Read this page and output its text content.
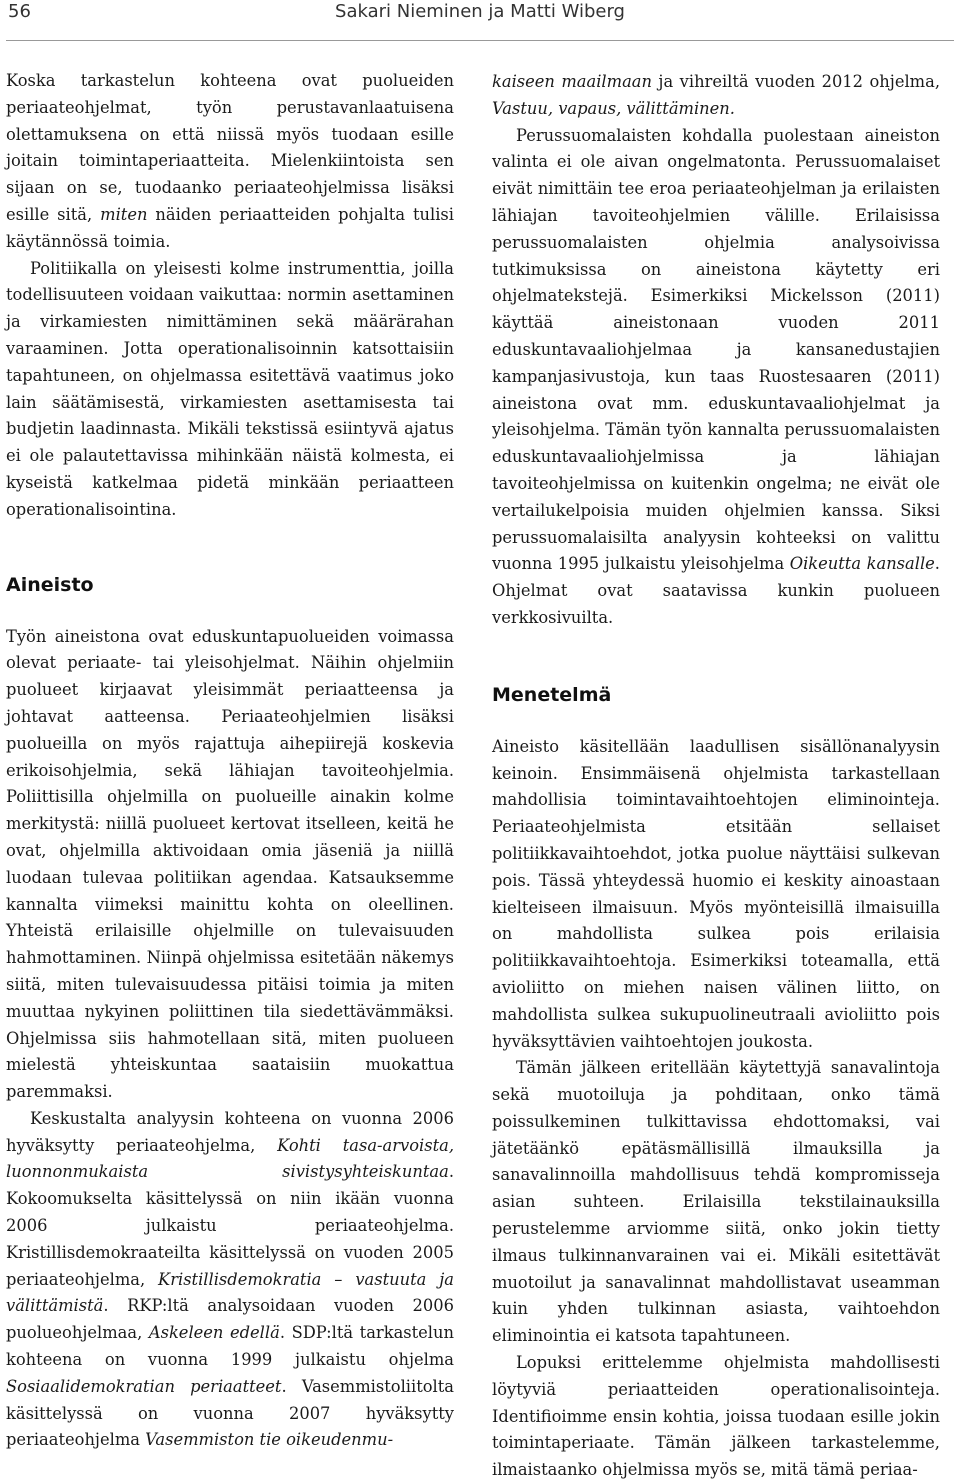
56	Sakari Nieminen ja Matti Wiberg

Koska tarkastelun kohteena ovat puolueiden periaateohjelmat, työn perustavanlaatuisena olettamuksena on että niissä myös tuodaan esille joitain toimintaperiaatteita. Mielenkiintoista sen sijaan on se, tuodaanko periaateohjelmissa lisäksi esille sitä, miten näiden periaatteiden pohjalta tulisi käytännössä toimia.

Politiikalla on yleisesti kolme instrumenttia, joilla todellisuuteen voidaan vaikuttaa: normin asettaminen ja virkamiesten nimittäminen sekä määrärahan varaaminen. Jotta operationalisoinnin katsottaisiin tapahtuneen, on ohjelmassa esitettävä vaatimus joko lain säätämisestä, virkamiesten asettamisesta tai budjetin laadinnasta. Mikäli tekstissä esiintyvä ajatus ei ole palautettavissa mihinkään näistä kolmesta, ei kyseistä katkelmaa pidetä minkään periaatteen operationalisointina.

Aineisto

Työn aineistona ovat eduskuntapuolueiden voimassa olevat periaate- tai yleisohjelmat. Näihin ohjelmiin puolueet kirjaavat yleisimmät periaatteensa ja johtavat aatteensa. Periaateohjelmien lisäksi puolueilla on myös rajattuja aihepiirejä koskevia erikoisohjelmia, sekä lähiajan tavoiteohjelmia. Poliittisilla ohjelmilla on puolueille ainakin kolme merkitystä: niillä puolueet kertovat itselleen, keitä he ovat, ohjelmilla aktivoidaan omia jäseniä ja niillä luodaan tulevaa politiikan agendaa. Katsauksemme kannalta viimeksi mainittu kohta on oleellinen. Yhteistä erilaisille ohjelmille on tulevaisuuden hahmottaminen. Niinpä ohjelmissa esitetään näkemys siitä, miten tulevaisuudessa pitäisi toimia ja miten muuttaa nykyinen poliittinen tila siedettävämmäksi. Ohjelmissa siis hahmotellaan sitä, miten puolueen mielestä yhteiskuntaa saataisiin muokattua paremmaksi.

Keskustalta analyysin kohteena on vuonna 2006 hyväksytty periaateohjelma, Kohti tasa-arvoista, luonnonmukaista sivistysyhteiskuntaa. Kokoomukselta käsittelyssä on niin ikään vuonna 2006 julkaistu periaateohjelma. Kristillisdemokraateilta käsittelyssä on vuoden 2005 periaateohjelma, Kristillisdemokratia – vastuuta ja välittämistä. RKP:ltä analysoidaan vuoden 2006 puolueohjelmaa, Askeleen edellä. SDP:ltä tarkastelun kohteena on vuonna 1999 julkaistu ohjelma Sosiaalidemokratian periaatteet. Vasemmistoliitolta käsittelyssä on vuonna 2007 hyväksytty periaateohjelma Vasemmiston tie oikeudenmu-

kaiseen maailmaan ja vihreiltä vuoden 2012 ohjelma, Vastuu, vapaus, välittäminen.

Perussuomalaisten kohdalla puolestaan aineiston valinta ei ole aivan ongelmatonta. Perussuomalaiset eivät nimittäin tee eroa periaateohjelman ja erilaisten lähiajan tavoiteohjelmien välille. Erilaisissa perussuomalaisten ohjelmia analysoivissa tutkimuksissa on aineistona käytetty eri ohjelmatekstejä. Esimerkiksi Mickelsson (2011) käyttää aineistonaan vuoden 2011 eduskuntavaaliohjelmaa ja kansanedustajien kampanjasivustoja, kun taas Ruostesaaren (2011) aineistona ovat mm. eduskuntavaaliohjelmat ja yleisohjelma. Tämän työn kannalta perussuomalaisten eduskuntavaaliohjelmissa ja lähiajan tavoiteohjelmissa on kuitenkin ongelma; ne eivät ole vertailukelpoisia muiden ohjelmien kanssa. Siksi perussuomalaisilta analyysin kohteeksi on valittu vuonna 1995 julkaistu yleisohjelma Oikeutta kansalle. Ohjelmat ovat saatavissa kunkin puolueen verkkosivuilta.

Menetelmä

Aineisto käsitellään laadullisen sisällönanalyysin keinoin. Ensimmäisenä ohjelmista tarkastellaan mahdollisia toimintavaihtoehtojen eliminointeja. Periaateohjelmista etsitään sellaiset politiikkavaihtoehdot, jotka puolue näyttäisi sulkevan pois. Tässä yhteydessä huomio ei keskity ainoastaan kielteiseen ilmaisuun. Myös myönteisillä ilmaisuilla on mahdollista sulkea pois erilaisia politiikkavaihtoehtoja. Esimerkiksi toteamalla, että avioliitto on miehen naisen välinen liitto, on mahdollista sulkea sukupuolineutraali avioliitto pois hyväksyttävien vaihtoehtojen joukosta.

Tämän jälkeen eritellään käytettyjä sanavalintoja sekä muotoiluja ja pohditaan, onko tämä poissulkeminen tulkittavissa ehdottomaksi, vai jätetäänkö epätäsmällisillä ilmauksilla ja sanavalinnoilla mahdollisuus tehdä kompromisseja asian suhteen. Erilaisilla tekstilainauksilla perustelemme arviomme siitä, onko jokin tietty ilmaus tulkinnanvarainen vai ei. Mikäli esitettävät muotoilut ja sanavalinnat mahdollistavat useamman kuin yhden tulkinnan asiasta, vaihtoehdon eliminointia ei katsota tapahtuneen.

Lopuksi erittelemme ohjelmista mahdollisesti löytyviä periaatteiden operationalisointeja. Identifioimme ensin kohtia, joissa tuodaan esille jokin toimintaperiaate. Tämän jälkeen tarkastelemme, ilmaistaanko ohjelmissa myös se, mitä tämä periaa-
